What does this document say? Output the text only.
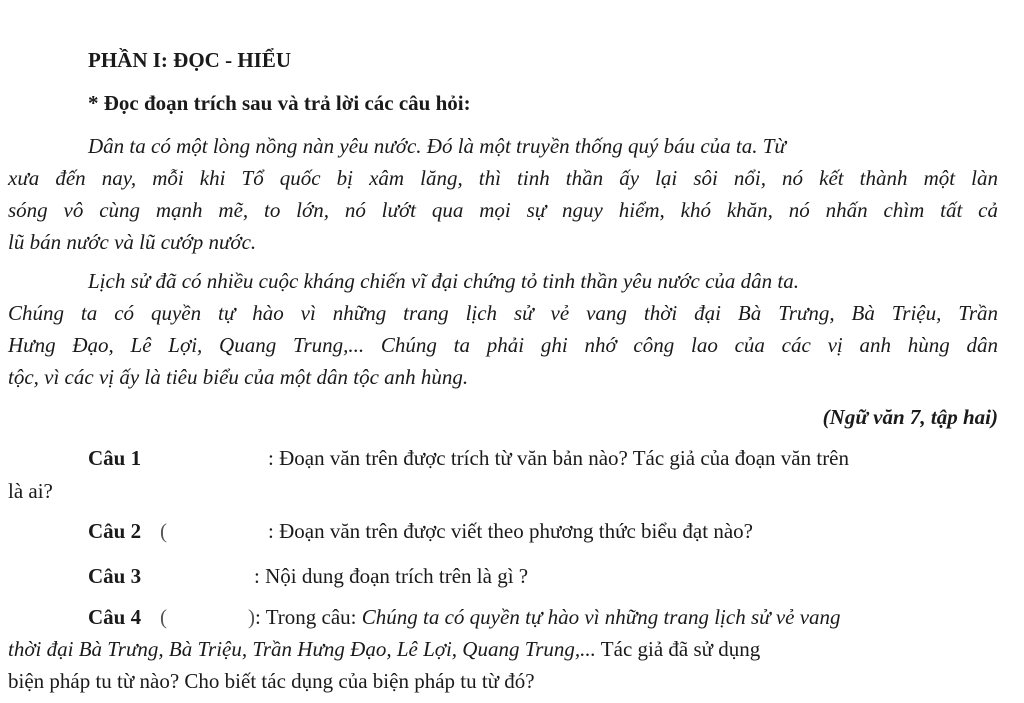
PHẦN I: ĐỌC - HIỂU
* Đọc đoạn trích sau và trả lời các câu hỏi:
Dân ta có một lòng nồng nàn yêu nước. Đó là một truyền thống quý báu của ta. Từ
xưa đến nay, mỗi khi Tổ quốc bị xâm lăng, thì tinh thần ấy lại sôi nổi, nó kết thành một làn
sóng vô cùng mạnh mẽ, to lớn, nó lướt qua mọi sự nguy hiểm, khó khăn, nó nhấn chìm tất cả
lũ bán nước và lũ cướp nước.
Lịch sử đã có nhiều cuộc kháng chiến vĩ đại chứng tỏ tinh thần yêu nước của dân ta.
Chúng ta có quyền tự hào vì những trang lịch sử vẻ vang thời đại Bà Trưng, Bà Triệu, Trần
Hưng Đạo, Lê Lợi, Quang Trung,... Chúng ta phải ghi nhớ công lao của các vị anh hùng dân
tộc, vì các vị ấy là tiêu biểu của một dân tộc anh hùng.
(Ngữ văn 7, tập hai)
Câu 1	: Đoạn văn trên được trích từ văn bản nào? Tác giả của đoạn văn trên
là ai?
Câu 2 (	: Đoạn văn trên được viết theo phương thức biểu đạt nào?
Câu 3	: Nội dung đoạn trích trên là gì ?
Câu 4 (	): Trong câu: Chúng ta có quyền tự hào vì những trang lịch sử vẻ vang
thời đại Bà Trưng, Bà Triệu, Trần Hưng Đạo, Lê Lợi, Quang Trung,... Tác giả đã sử dụng
biện pháp tu từ nào? Cho biết tác dụng của biện pháp tu từ đó?
